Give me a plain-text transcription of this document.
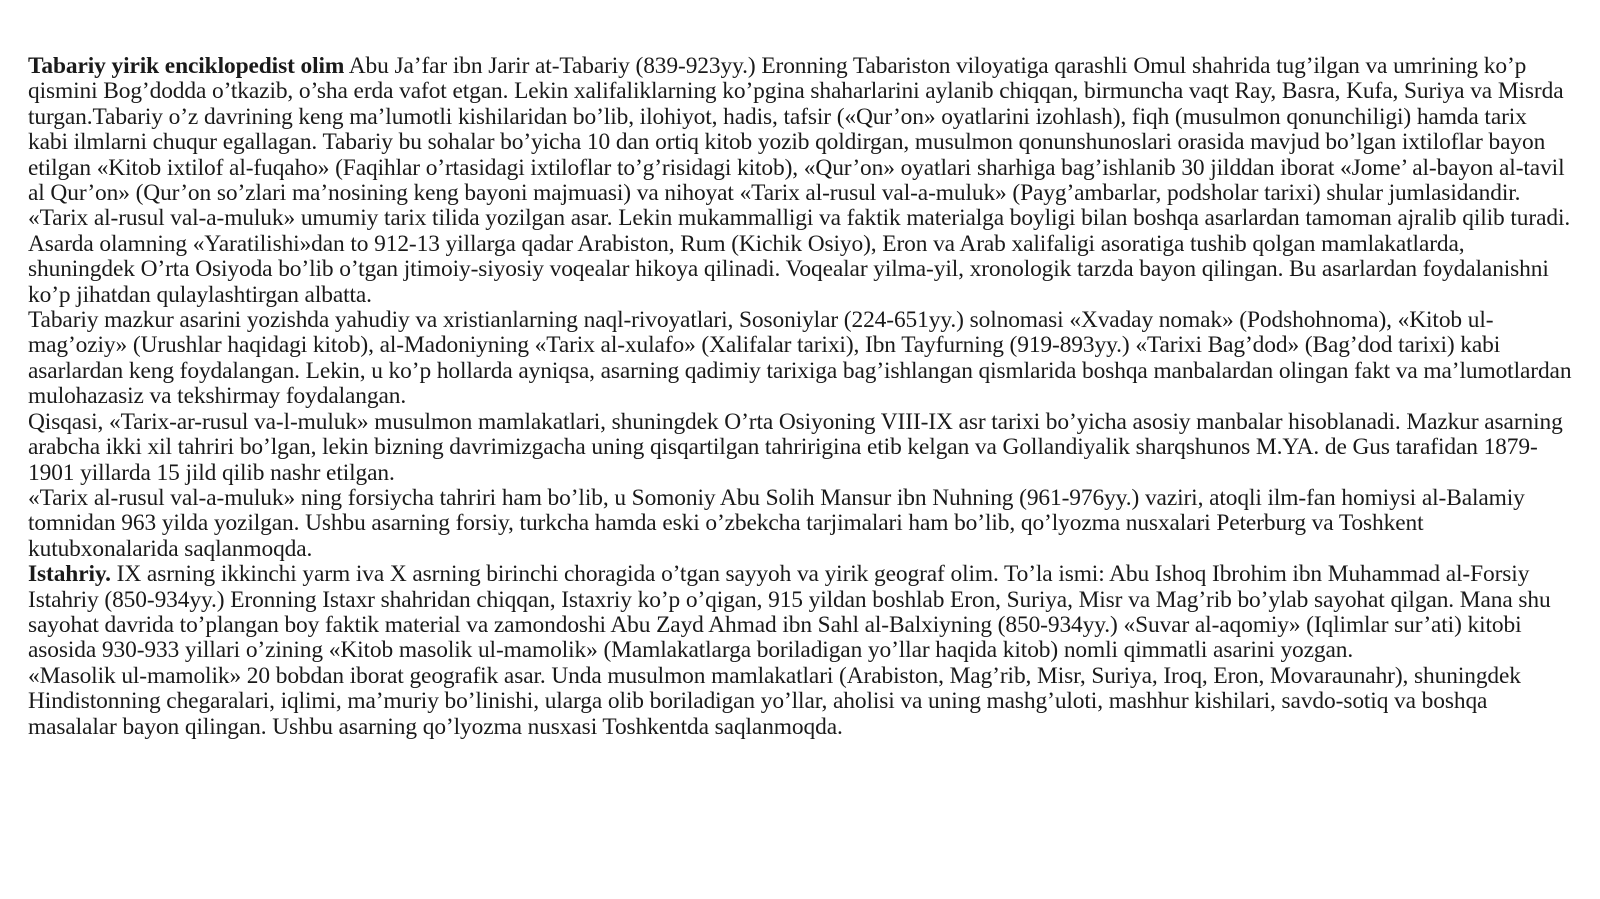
Tabariy yirik enciklopedist olim Abu Ja’far ibn Jarir at-Tabariy (839-923yy.) Eronning Tabariston viloyatiga qarashli Omul shahrida tug’ilgan va umrining ko’p qismini Bog’dodda o’tkazib, o’sha erda vafot etgan. Lekin xalifaliklarning ko’pgina shaharlarini aylanib chiqqan, birmuncha vaqt Ray, Basra, Kufa, Suriya va Misrda turgan.Tabariy o’z davrining keng ma’lumotli kishilaridan bo’lib, ilohiyot, hadis, tafsir («Qur’on» oyatlarini izohlash), fiqh (musulmon qonunchiligi) hamda tarix kabi ilmlarni chuqur egallagan. Tabariy bu sohalar bo’yicha 10 dan ortiq kitob yozib qoldirgan, musulmon qonunshunoslari orasida mavjud bo’lgan ixtiloflar bayon etilgan «Kitob ixtilof al-fuqaho» (Faqihlar o’rtasidagi ixtiloflar to’g’risidagi kitob), «Qur’on» oyatlari sharhiga bag’ishlanib 30 jilddan iborat «Jome’ al-bayon al-tavil al Qur’on» (Qur’on so’zlari ma’nosining keng bayoni majmuasi) va nihoyat «Tarix al-rusul val-a-muluk» (Payg’ambarlar, podsholar tarixi) shular jumlasidandir. «Tarix al-rusul val-a-muluk» umumiy tarix tilida yozilgan asar. Lekin mukammalligi va faktik materialga boyligi bilan boshqa asarlardan tamoman ajralib qilib turadi. Asarda olamning «Yaratilishi»dan to 912-13 yillarga qadar Arabiston, Rum (Kichik Osiyo), Eron va Arab xalifaligi asoratiga tushib qolgan mamlakatlarda, shuningdek O’rta Osiyoda bo’lib o’tgan jtimoiy-siyosiy voqealar hikoya qilinadi. Voqealar yilma-yil, xronologik tarzda bayon qilingan. Bu asarlardan foydalanishni ko’p jihatdan qulaylashtirgan albatta.

Tabariy mazkur asarini yozishda yahudiy va xristianlarning naql-rivoyatlari, Sosoniylar (224-651yy.) solnomasi «Xvaday nomak» (Podshohnoma), «Kitob ul-mag’oziy» (Urushlar haqidagi kitob), al-Madoniyning «Tarix al-xulafo» (Xalifalar tarixi), Ibn Tayfurning (919-893yy.) «Tarixi Bag’dod» (Bag’dod tarixi) kabi asarlardan keng foydalangan. Lekin, u ko’p hollarda ayniqsa, asarning qadimiy tarixiga bag’ishlangan qismlarida boshqa manbalardan olingan fakt va ma’lumotlardan mulohazasiz va tekshirmay foydalangan.

Qisqasi, «Tarix-ar-rusul va-l-muluk» musulmon mamlakatlari, shuningdek O’rta Osiyoning VIII-IX asr tarixi bo’yicha asosiy manbalar hisoblanadi. Mazkur asarning arabcha ikki xil tahriri bo’lgan, lekin bizning davrimizgacha uning qisqartilgan tahririgina etib kelgan va Gollandiyalik sharqshunos M.YA. de Gus tarafidan 1879-1901 yillarda 15 jild qilib nashr etilgan.

«Tarix al-rusul val-a-muluk» ning forsiycha tahriri ham bo’lib, u Somoniy Abu Solih Mansur ibn Nuhning (961-976yy.) vaziri, atoqli ilm-fan homiysi al-Balamiy tomnidan 963 yilda yozilgan. Ushbu asarning forsiy, turkcha hamda eski o’zbekcha tarjimalari ham bo’lib, qo’lyozma nusxalari Peterburg va Toshkent kutubxonalarida saqlanmoqda.

Istahriy. IX asrning ikkinchi yarm iva X asrning birinchi choragida o’tgan sayyoh va yirik geograf olim. To’la ismi: Abu Ishoq Ibrohim ibn Muhammad al-Forsiy Istahriy (850-934yy.) Eronning Istaxr shahridan chiqqan, Istaxriy ko’p o’qigan, 915 yildan boshlab Eron, Suriya, Misr va Mag’rib bo’ylab sayohat qilgan. Mana shu sayohat davrida to’plangan boy faktik material va zamondoshi Abu Zayd Ahmad ibn Sahl al-Balxiyning (850-934yy.) «Suvar al-aqomiy» (Iqlimlar sur’ati) kitobi asosida 930-933 yillari o’zining «Kitob masolik ul-mamolik» (Mamlakatlarga boriladigan yo’llar haqida kitob) nomli qimmatli asarini yozgan.

«Masolik ul-mamolik» 20 bobdan iborat geografik asar. Unda musulmon mamlakatlari (Arabiston, Mag’rib, Misr, Suriya, Iroq, Eron, Movaraunahr), shuningdek Hindistonning chegaralari, iqlimi, ma’muriy bo’linishi, ularga olib boriladigan yo’llar, aholisi va uning mashg’uloti, mashhur kishilari, savdo-sotiq va boshqa masalalar bayon qilingan. Ushbu asarning qo’lyozma nusxasi Toshkentda saqlanmoqda.
